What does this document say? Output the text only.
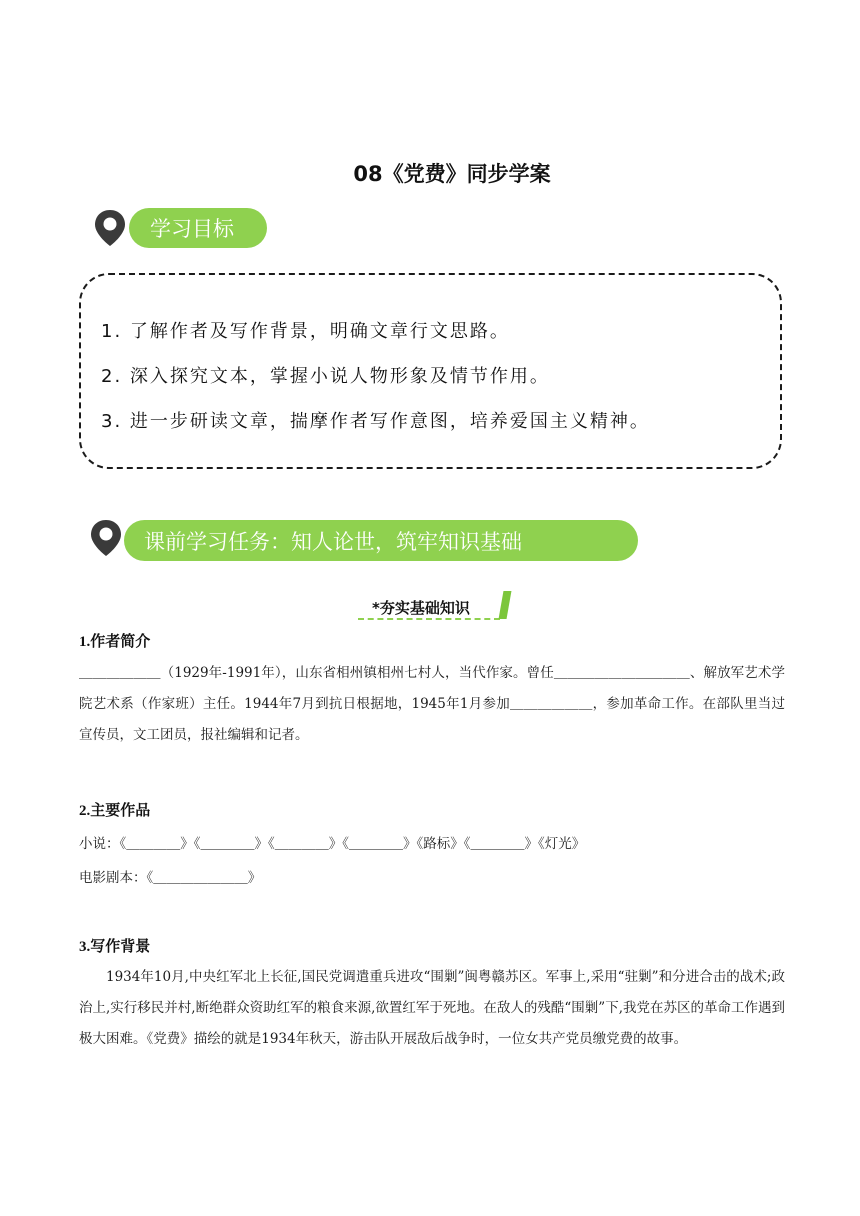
08《党费》同步学案
学习目标
1. 了解作者及写作背景，明确文章行文思路。
2. 深入探究文本，掌握小说人物形象及情节作用。
3. 进一步研读文章，揣摩作者写作意图，培养爱国主义精神。
课前学习任务：知人论世，筑牢知识基础
*夯实基础知识
1.作者简介
＿＿＿＿＿＿（1929年-1991年），山东省相州镇相州七村人，当代作家。曾任＿＿＿＿＿＿＿＿＿＿、解放军艺术学院艺术系（作家班）主任。1944年7月到抗日根据地，1945年1月参加＿＿＿＿＿＿，参加革命工作。在部队里当过宣传员，文工团员，报社编辑和记者。
2.主要作品
小说：《＿＿＿＿》《＿＿＿＿》《＿＿＿＿》《＿＿＿＿》《路标》《＿＿＿＿》《灯光》
电影剧本：《＿＿＿＿＿＿＿》
3.写作背景
1934年10月,中央红军北上长征,国民党调遣重兵进攻“围剿”闽粤赣苏区。军事上,采用“驻剿”和分进合击的战术;政治上,实行移民并村,断绝群众资助红军的粮食来源,欲置红军于死地。在敌人的残酷“围剿”下,我党在苏区的革命工作遇到极大困难。《党费》描绘的就是1934年秋天，游击队开展敌后战争时，一位女共产党员缴党费的故事。
